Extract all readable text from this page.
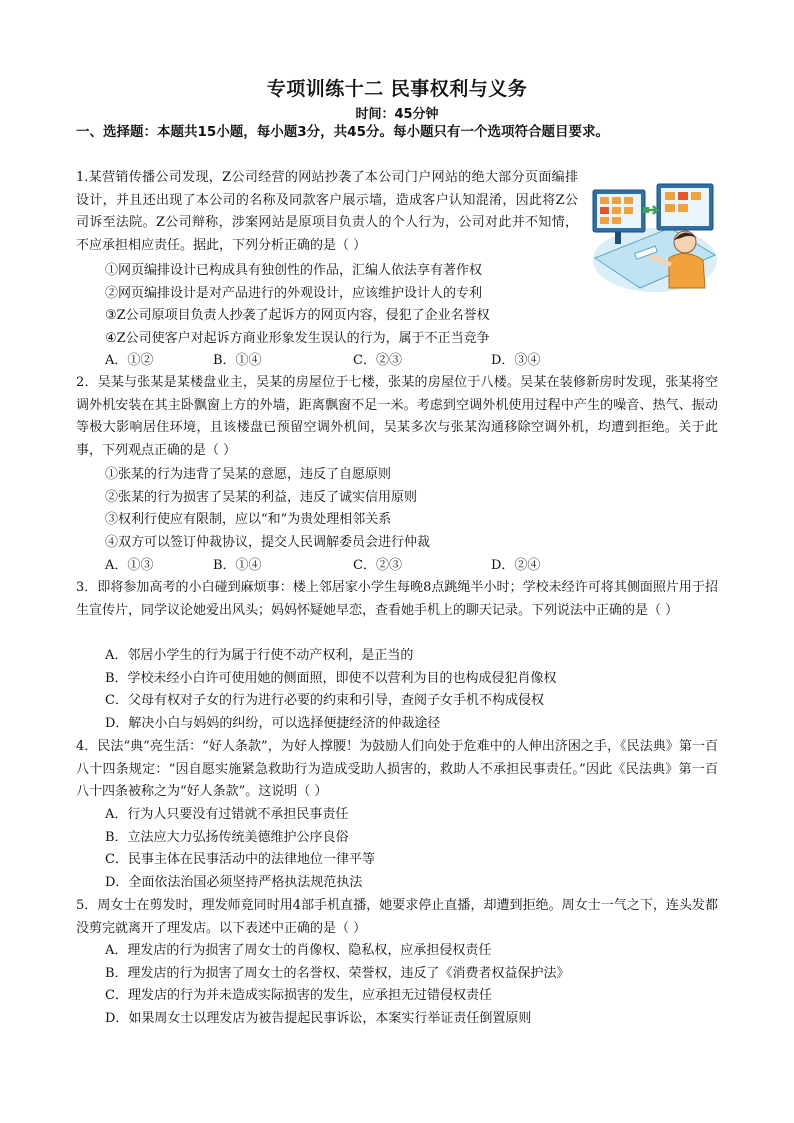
专项训练十二 民事权利与义务
时间：45分钟
一、选择题：本题共15小题，每小题3分，共45分。每小题只有一个选项符合题目要求。
1.某营销传播公司发现，Z公司经营的网站抄袭了本公司门户网站的绝大部分页面编排设计，并且还出现了本公司的名称及同款客户展示墙，造成客户认知混淆，因此将Z公司诉至法院。Z公司辩称，涉案网站是原项目负责人的个人行为，公司对此并不知情，不应承担相应责任。据此，下列分析正确的是（ ）
①网页编排设计已构成具有独创性的作品，汇编人依法享有著作权
②网页编排设计是对产品进行的外观设计，应该维护设计人的专利
③Z公司原项目负责人抄袭了起诉方的网页内容，侵犯了企业名誉权
④Z公司使客户对起诉方商业形象发生误认的行为，属于不正当竞争
A．①②	B．①④	C．②③	D．③④
2．吴某与张某是某楼盘业主，吴某的房屋位于七楼，张某的房屋位于八楼。吴某在装修新房时发现，张某将空调外机安装在其主卧飘窗上方的外墙，距离飘窗不足一米。考虑到空调外机使用过程中产生的噪音、热气、振动等极大影响居住环境，且该楼盘已预留空调外机间，吴某多次与张某沟通移除空调外机，均遭到拒绝。关于此事，下列观点正确的是（ ）
①张某的行为违背了吴某的意愿，违反了自愿原则
②张某的行为损害了吴某的利益，违反了诚实信用原则
③权利行使应有限制，应以“和”为贵处理相邻关系
④双方可以签订仲裁协议，提交人民调解委员会进行仲裁
A．①③	B．①④	C．②③	D．②④
3．即将参加高考的小白碰到麻烦事：楼上邻居家小学生每晚8点跳绳半小时；学校未经许可将其侧面照片用于招生宣传片，同学议论她爱出风头；妈妈怀疑她早恋，查看她手机上的聊天记录。下列说法中正确的是（ ）
A．邻居小学生的行为属于行使不动产权利，是正当的
B．学校未经小白许可使用她的侧面照，即使不以营利为目的也构成侵犯肖像权
C．父母有权对子女的行为进行必要的约束和引导，查阅子女手机不构成侵权
D．解决小白与妈妈的纠纷，可以选择便捷经济的仲裁途径
4．民法“典”亮生活：“好人条款”，为好人撑腰！为鼓励人们向处于危难中的人伸出济困之手，《民法典》第一百八十四条规定：“因自愿实施紧急救助行为造成受助人损害的，救助人不承担民事责任。”因此《民法典》第一百八十四条被称之为“好人条款”。这说明（ ）
A．行为人只要没有过错就不承担民事责任
B．立法应大力弘扬传统美德维护公序良俗
C．民事主体在民事活动中的法律地位一律平等
D．全面依法治国必须坚持严格执法规范执法
5．周女士在剪发时，理发师竟同时用4部手机直播，她要求停止直播，却遭到拒绝。周女士一气之下，连头发都没剪完就离开了理发店。以下表述中正确的是（ ）
A．理发店的行为损害了周女士的肖像权、隐私权，应承担侵权责任
B．理发店的行为损害了周女士的名誉权、荣誉权，违反了《消费者权益保护法》
C．理发店的行为并未造成实际损害的发生，应承担无过错侵权责任
D．如果周女士以理发店为被告提起民事诉讼，本案实行举证责任倒置原则
